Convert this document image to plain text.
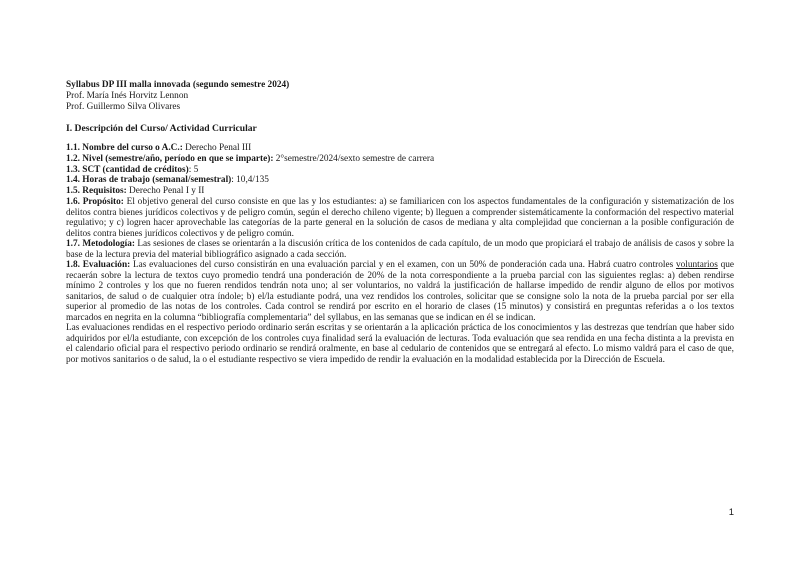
Syllabus DP III malla innovada (segundo semestre 2024)
Prof. María Inés Horvitz Lennon
Prof. Guillermo Silva Olivares
I. Descripción del Curso/ Actividad Curricular
1.1. Nombre del curso o A.C.: Derecho Penal III
1.2. Nivel (semestre/año, período en que se imparte): 2°semestre/2024/sexto semestre de carrera
1.3. SCT (cantidad de créditos): 5
1.4. Horas de trabajo (semanal/semestral): 10,4/135
1.5. Requisitos: Derecho Penal I y II

1.6. Propósito: El objetivo general del curso consiste en que las y los estudiantes: a) se familiaricen con los aspectos fundamentales de la configuración y sistematización de los delitos contra bienes jurídicos colectivos y de peligro común, según el derecho chileno vigente; b) lleguen a comprender sistemáticamente la conformación del respectivo material regulativo; y c) logren hacer aprovechable las categorías de la parte general en la solución de casos de mediana y alta complejidad que conciernan a la posible configuración de delitos contra bienes jurídicos colectivos y de peligro común.

1.7. Metodología: Las sesiones de clases se orientarán a la discusión crítica de los contenidos de cada capítulo, de un modo que propiciará el trabajo de análisis de casos y sobre la base de la lectura previa del material bibliográfico asignado a cada sección.

1.8. Evaluación: Las evaluaciones del curso consistirán en una evaluación parcial y en el examen, con un 50% de ponderación cada una. Habrá cuatro controles voluntarios que recaerán sobre la lectura de textos cuyo promedio tendrá una ponderación de 20% de la nota correspondiente a la prueba parcial con las siguientes reglas: a) deben rendirse mínimo 2 controles y los que no fueren rendidos tendrán nota uno; al ser voluntarios, no valdrá la justificación de hallarse impedido de rendir alguno de ellos por motivos sanitarios, de salud o de cualquier otra índole; b) el/la estudiante podrá, una vez rendidos los controles, solicitar que se consigne solo la nota de la prueba parcial por ser ella superior al promedio de las notas de los controles. Cada control se rendirá por escrito en el horario de clases (15 minutos) y consistirá en preguntas referidas a o los textos marcados en negrita en la columna “bibliografía complementaria” del syllabus, en las semanas que se indican en él se indican.

Las evaluaciones rendidas en el respectivo periodo ordinario serán escritas y se orientarán a la aplicación práctica de los conocimientos y las destrezas que tendrían que haber sido adquiridos por el/la estudiante, con excepción de los controles cuya finalidad será la evaluación de lecturas. Toda evaluación que sea rendida en una fecha distinta a la prevista en el calendario oficial para el respectivo periodo ordinario se rendirá oralmente, en base al cedulario de contenidos que se entregará al efecto. Lo mismo valdrá para el caso de que, por motivos sanitarios o de salud, la o el estudiante respectivo se viera impedido de rendir la evaluación en la modalidad establecida por la Dirección de Escuela.

1
